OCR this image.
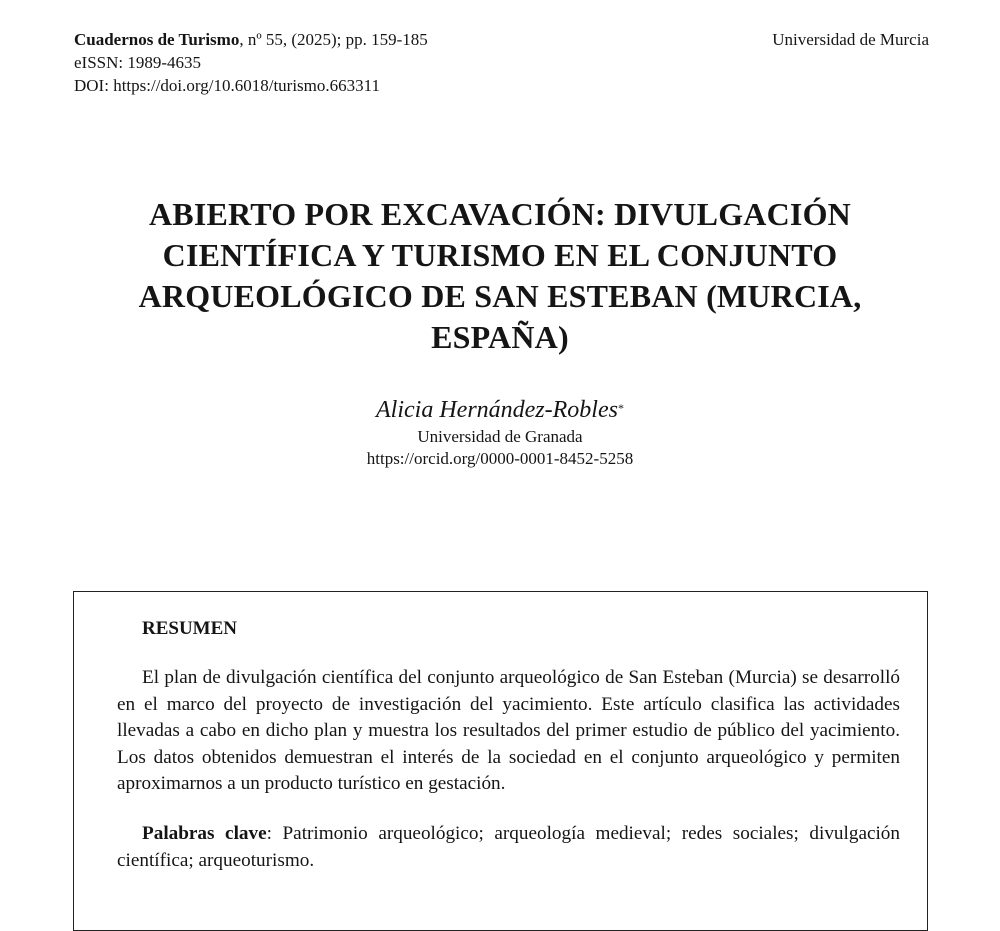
Cuadernos de Turismo, nº 55, (2025); pp. 159-185
eISSN: 1989-4635
DOI: https://doi.org/10.6018/turismo.663311
Universidad de Murcia
ABIERTO POR EXCAVACIÓN: DIVULGACIÓN
CIENTÍFICA Y TURISMO EN EL CONJUNTO
ARQUEOLÓGICO DE SAN ESTEBAN (MURCIA,
ESPAÑA)
Alicia Hernández-Robles*
Universidad de Granada
https://orcid.org/0000-0001-8452-5258
RESUMEN
El plan de divulgación científica del conjunto arqueológico de San Esteban (Murcia) se desarrolló en el marco del proyecto de investigación del yacimiento. Este artículo clasifica las actividades llevadas a cabo en dicho plan y muestra los resultados del primer estudio de público del yacimiento. Los datos obtenidos demuestran el interés de la sociedad en el conjunto arqueológico y permiten aproximarnos a un producto turístico en gestación.
Palabras clave: Patrimonio arqueológico; arqueología medieval; redes sociales; divulgación científica; arqueoturismo.
